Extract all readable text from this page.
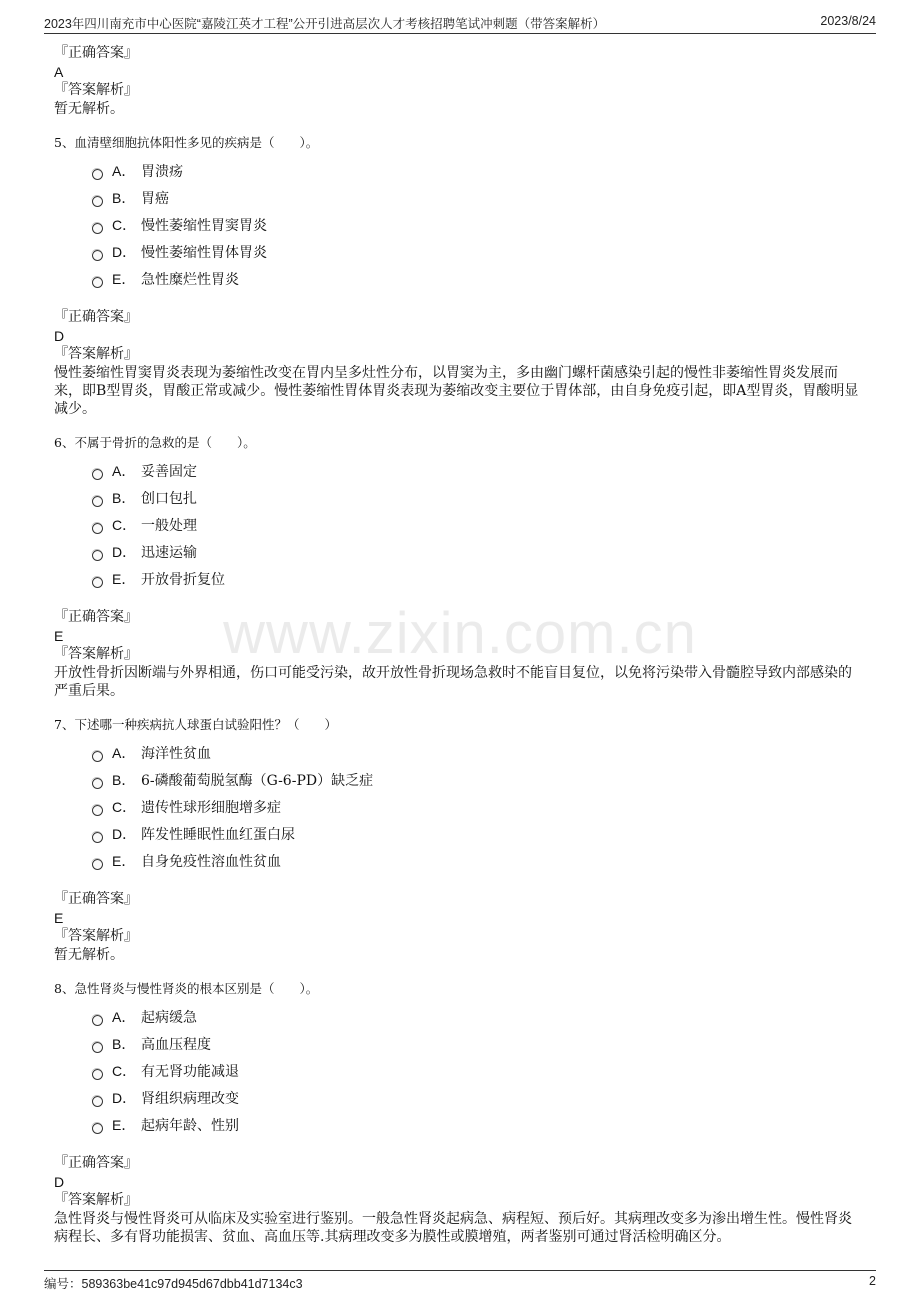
2023年四川南充市中心医院“嘉陵江英才工程”公开引进高层次人才考核招聘笔试冲刺题（带答案解析）	2023/8/24
www.zixin.com.cn
『正确答案』
A
『答案解析』
暂无解析。
5、血清壁细胞抗体阳性多见的疾病是（　　）。
A． 胃溃疡
B． 胃癌
C． 慢性萎缩性胃窦胃炎
D． 慢性萎缩性胃体胃炎
E． 急性糜烂性胃炎
『正确答案』
D
『答案解析』
慢性萎缩性胃窦胃炎表现为萎缩性改变在胃内呈多灶性分布，以胃窦为主，多由幽门螺杆菌感染引起的慢性非萎缩性胃炎发展而来，即B型胃炎，胃酸正常或减少。慢性萎缩性胃体胃炎表现为萎缩改变主要位于胃体部，由自身免疫引起，即A型胃炎，胃酸明显减少。
6、不属于骨折的急救的是（　　）。
A． 妥善固定
B． 创口包扎
C． 一般处理
D． 迅速运输
E． 开放骨折复位
『正确答案』
E
『答案解析』
开放性骨折因断端与外界相通，伤口可能受污染，故开放性骨折现场急救时不能盲目复位，以免将污染带入骨髓腔导致内部感染的严重后果。
7、下述哪一种疾病抗人球蛋白试验阳性？（　　）
A． 海洋性贫血
B． 6-磷酸葡萄脱氢酶（G-6-PD）缺乏症
C． 遗传性球形细胞增多症
D． 阵发性睡眠性血红蛋白尿
E． 自身免疫性溶血性贫血
『正确答案』
E
『答案解析』
暂无解析。
8、急性肾炎与慢性肾炎的根本区别是（　　）。
A． 起病缓急
B． 高血压程度
C． 有无肾功能减退
D． 肾组织病理改变
E． 起病年龄、性别
『正确答案』
D
『答案解析』
急性肾炎与慢性肾炎可从临床及实验室进行鉴别。一般急性肾炎起病急、病程短、预后好。其病理改变多为渗出增生性。慢性肾炎病程长、多有肾功能损害、贫血、高血压等.其病理改变多为膜性或膜增殖，两者鉴别可通过肾活检明确区分。
编号：589363be41c97d945d67dbb41d7134c3	2
